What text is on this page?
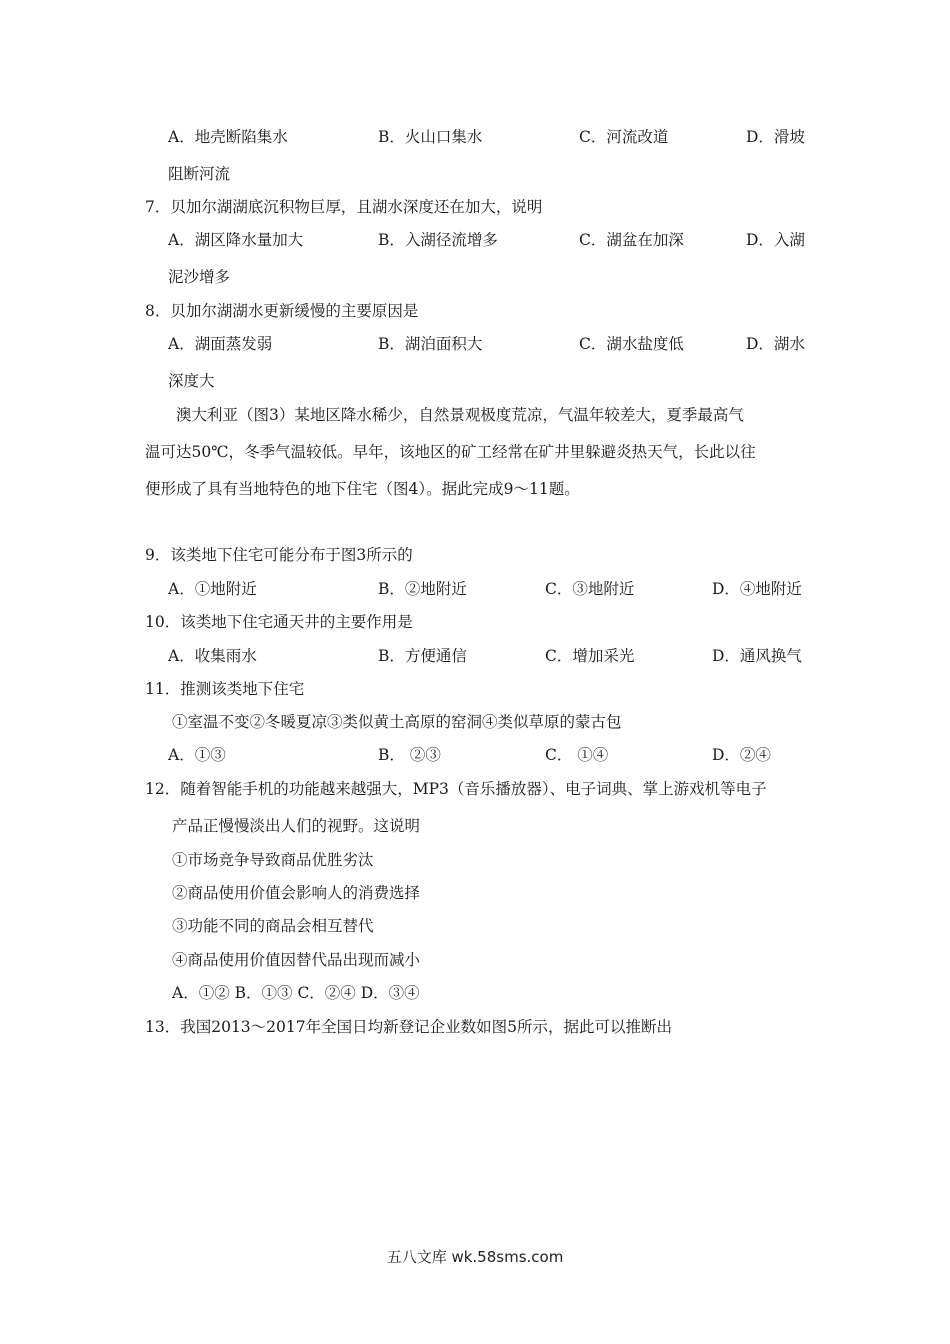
A．地壳断陷集水	B．火山口集水	C．河流改道	D．滑坡
阻断河流
7．贝加尔湖湖底沉积物巨厚，且湖水深度还在加大，说明
A．湖区降水量加大	B．入湖径流增多	C．湖盆在加深	D．入湖
泥沙增多
8．贝加尔湖湖水更新缓慢的主要原因是
A．湖面蒸发弱	B．湖泊面积大	C．湖水盐度低	D．湖水
深度大
澳大利亚（图3）某地区降水稀少，自然景观极度荒凉，气温年较差大，夏季最高气
温可达50℃，冬季气温较低。早年，该地区的矿工经常在矿井里躲避炎热天气，长此以往
便形成了具有当地特色的地下住宅（图4）。据此完成9～11题。
9．该类地下住宅可能分布于图3所示的
A．①地附近	B．②地附近	C．③地附近	D．④地附近
10．该类地下住宅通天井的主要作用是
A．收集雨水	B．方便通信	C．增加采光	D．通风换气
11．推测该类地下住宅
①室温不变②冬暖夏凉③类似黄土高原的窑洞④类似草原的蒙古包
A．①③	B． ②③	C． ①④	D．②④
12．随着智能手机的功能越来越强大，MP3（音乐播放器）、电子词典、掌上游戏机等电子
产品正慢慢淡出人们的视野。这说明
①市场竞争导致商品优胜劣汰
②商品使用价值会影响人的消费选择
③功能不同的商品会相互替代
④商品使用价值因替代品出现而减小
A．①② B．①③ C．②④ D．③④
13．我国2013～2017年全国日均新登记企业数如图5所示，据此可以推断出
五八文库 wk.58sms.com
